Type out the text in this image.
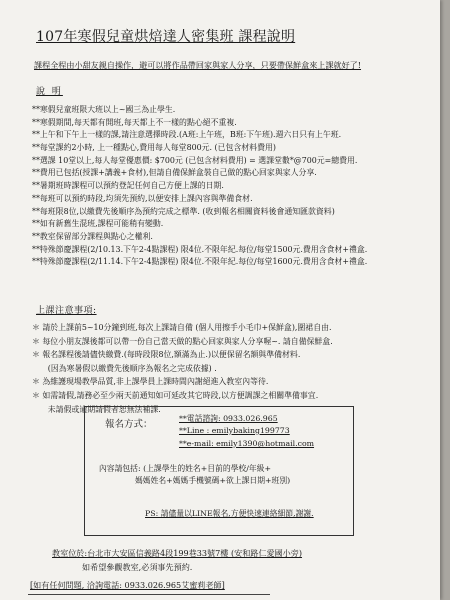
107年寒假兒童烘焙達人密集班 課程說明
課程全程由小甜友親自操作，避可以將作品帶回家與家人分享，只要帶保鮮盒來上課就好了!
說 明
**寒假兒童班限大班以上~國三為止學生.
**寒假期間,每天都有開班,每天都上不一樣的點心絕不重複.
**上午和下午上一樣的課,請注意選擇時段.(A班:上午班，B班:下午班).週六日只有上午班.
**每堂課約2小時, 上一種點心,費用每人每堂800元. (已包含材料費用)
**選課 10堂以上,每人每堂優惠價: $700元 (已包含材料費用) = 選課堂數*@700元=總費用.
**費用已包括(授課+講義+食材),但請自備保鮮盒裝自己做的點心回家與家人分享.
**暑期班時課程可以預約登記任何自己方便上課的日期.
**每班可以預約時段,均須先預約,以便安排上課內容與準備食材.
**每班限8位,以繳費先後順序為預約完成之標準. (收到報名相關資料後會通知匯款資料)
**如有新舊生混班,課程可能稍有變動.
**教室保留部分課程與點心之權利.
**特殊節慶課程(2/10.13.下午2-4點課程) 限4位.不限年紀.每位/每堂1500元.費用含食材+禮盒.
**特殊節慶課程(2/11.14.下午2-4點課程) 限4位.不限年紀.每位/每堂1600元.費用含食材+禮盒.
上課注意事項:
＊ 請於上課前5~10分鐘到班,每次上課請自備 (個人用擦手小毛巾+保鮮盒),圍裙自由.
＊ 每位小朋友課後都可以帶一份自己當天做的點心回家與家人分享喔~. 請自備保鮮盒.
＊ 報名課程後請儘快繳費.(每時段限8位,額滿為止.)以便保留名額與準備材料.
　　(因為寒暑假以繳費先後順序為報名之完成依據) .
＊ 為維護現場教學品質,非上課學員上課時間內謝絕進入教室內等待.
＊ 如需請假,請務必至少兩天前通知如可延改其它時段,以方便調課之相關準備事宜.
　　未請假或逾期請假者恕無法補課.
報名方式：
**電話諮詢: 0933.026.965
**Line : emilybaking199773
**e-mail: emily1390@hotmail.com
內容請包括: (上課學生的姓名+目前的學校/年級+
媽媽姓名+媽媽手機號碼+欲上課日期+班別)
PS: 請儘量以LINE報名,方便快速連絡細節,謝謝.
教室位於:台北市大安區信義路4段199巷33號7樓 (安和路仁愛國小旁)
如希望參觀教室,必須事先預約.
[如有任何問題, 洽詢電話: 0933.026.965艾蜜莉老師]
